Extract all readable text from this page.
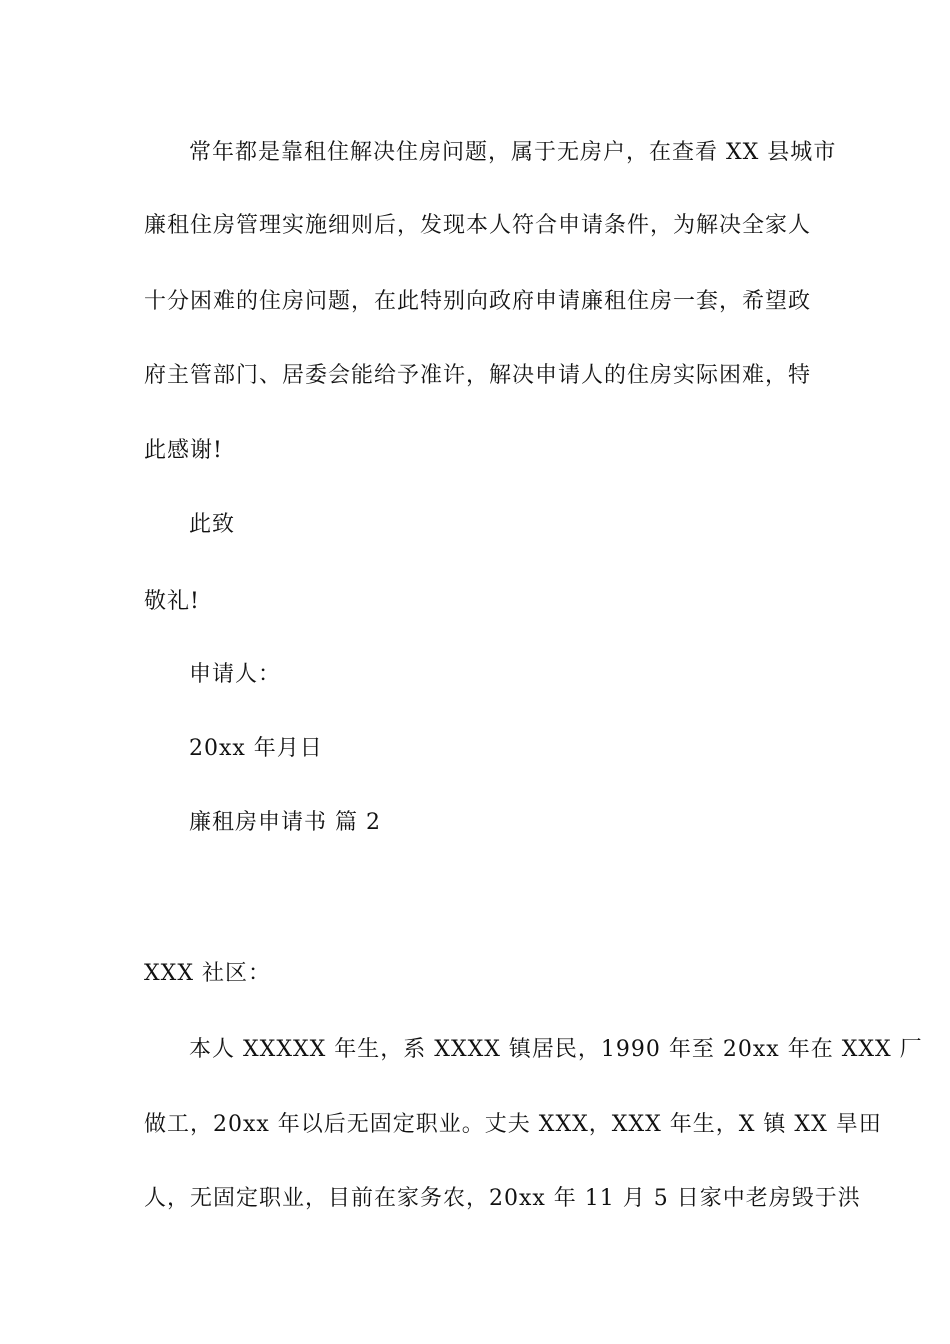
常年都是靠租住解决住房问题，属于无房户，在查看 XX 县城市
廉租住房管理实施细则后，发现本人符合申请条件，为解决全家人
十分困难的住房问题，在此特别向政府申请廉租住房一套，希望政
府主管部门、居委会能给予准许，解决申请人的住房实际困难，特
此感谢!
此致
敬礼!
申请人：
20xx 年月日
廉租房申请书 篇 2
XXX 社区：
本人 XXXXX 年生，系 XXXX 镇居民，1990 年至 20xx 年在 XXX 厂
做工，20xx 年以后无固定职业。丈夫 XXX，XXX 年生，X 镇 XX 旱田
人，无固定职业，目前在家务农，20xx 年 11 月 5 日家中老房毁于洪
